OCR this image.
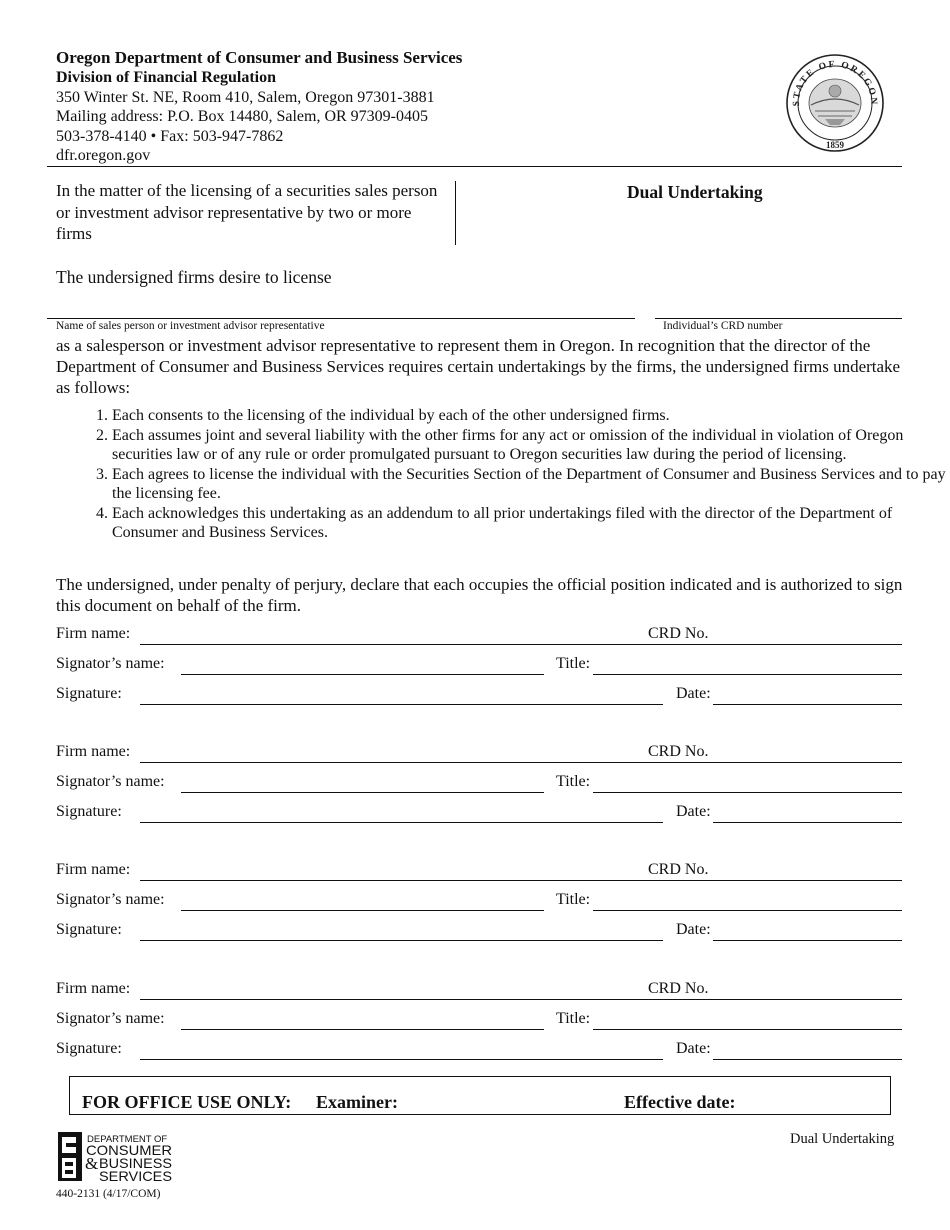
Oregon Department of Consumer and Business Services
Division of Financial Regulation
350 Winter St. NE, Room 410, Salem, Oregon 97301-3881
Mailing address: P.O. Box 14480, Salem, OR 97309-0405
503-378-4140 • Fax: 503-947-7862
dfr.oregon.gov
STATE OF OREGON
1859
In the matter of the licensing of a securities sales person or investment advisor representative by two or more firms
Dual Undertaking
The undersigned firms desire to license
Name of sales person or investment advisor representative	Individual’s CRD number
as a salesperson or investment advisor representative to represent them in Oregon. In recognition that the director of the Department of Consumer and Business Services requires certain undertakings by the firms, the undersigned firms undertake as follows:
1. Each consents to the licensing of the individual by each of the other undersigned firms.
2. Each assumes joint and several liability with the other firms for any act or omission of the individual in violation of Oregon securities law or of any rule or order promulgated pursuant to Oregon securities law during the period of licensing.
3. Each agrees to license the individual with the Securities Section of the Department of Consumer and Business Services and to pay the licensing fee.
4. Each acknowledges this undertaking as an addendum to all prior undertakings filed with the director of the Department of Consumer and Business Services.
The undersigned, under penalty of perjury, declare that each occupies the official position indicated and is authorized to sign this document on behalf of the firm.
Firm name:	CRD No.
Signator’s name:	Title:
Signature:	Date:
Firm name:	CRD No.
Signator’s name:	Title:
Signature:	Date:
Firm name:	CRD No.
Signator’s name:	Title:
Signature:	Date:
Firm name:	CRD No.
Signator’s name:	Title:
Signature:	Date:
FOR OFFICE USE ONLY: Examiner:	Effective date:
DEPARTMENT OF
CONSUMER
& BUSINESS
SERVICES
440-2131 (4/17/COM)
Dual Undertaking
